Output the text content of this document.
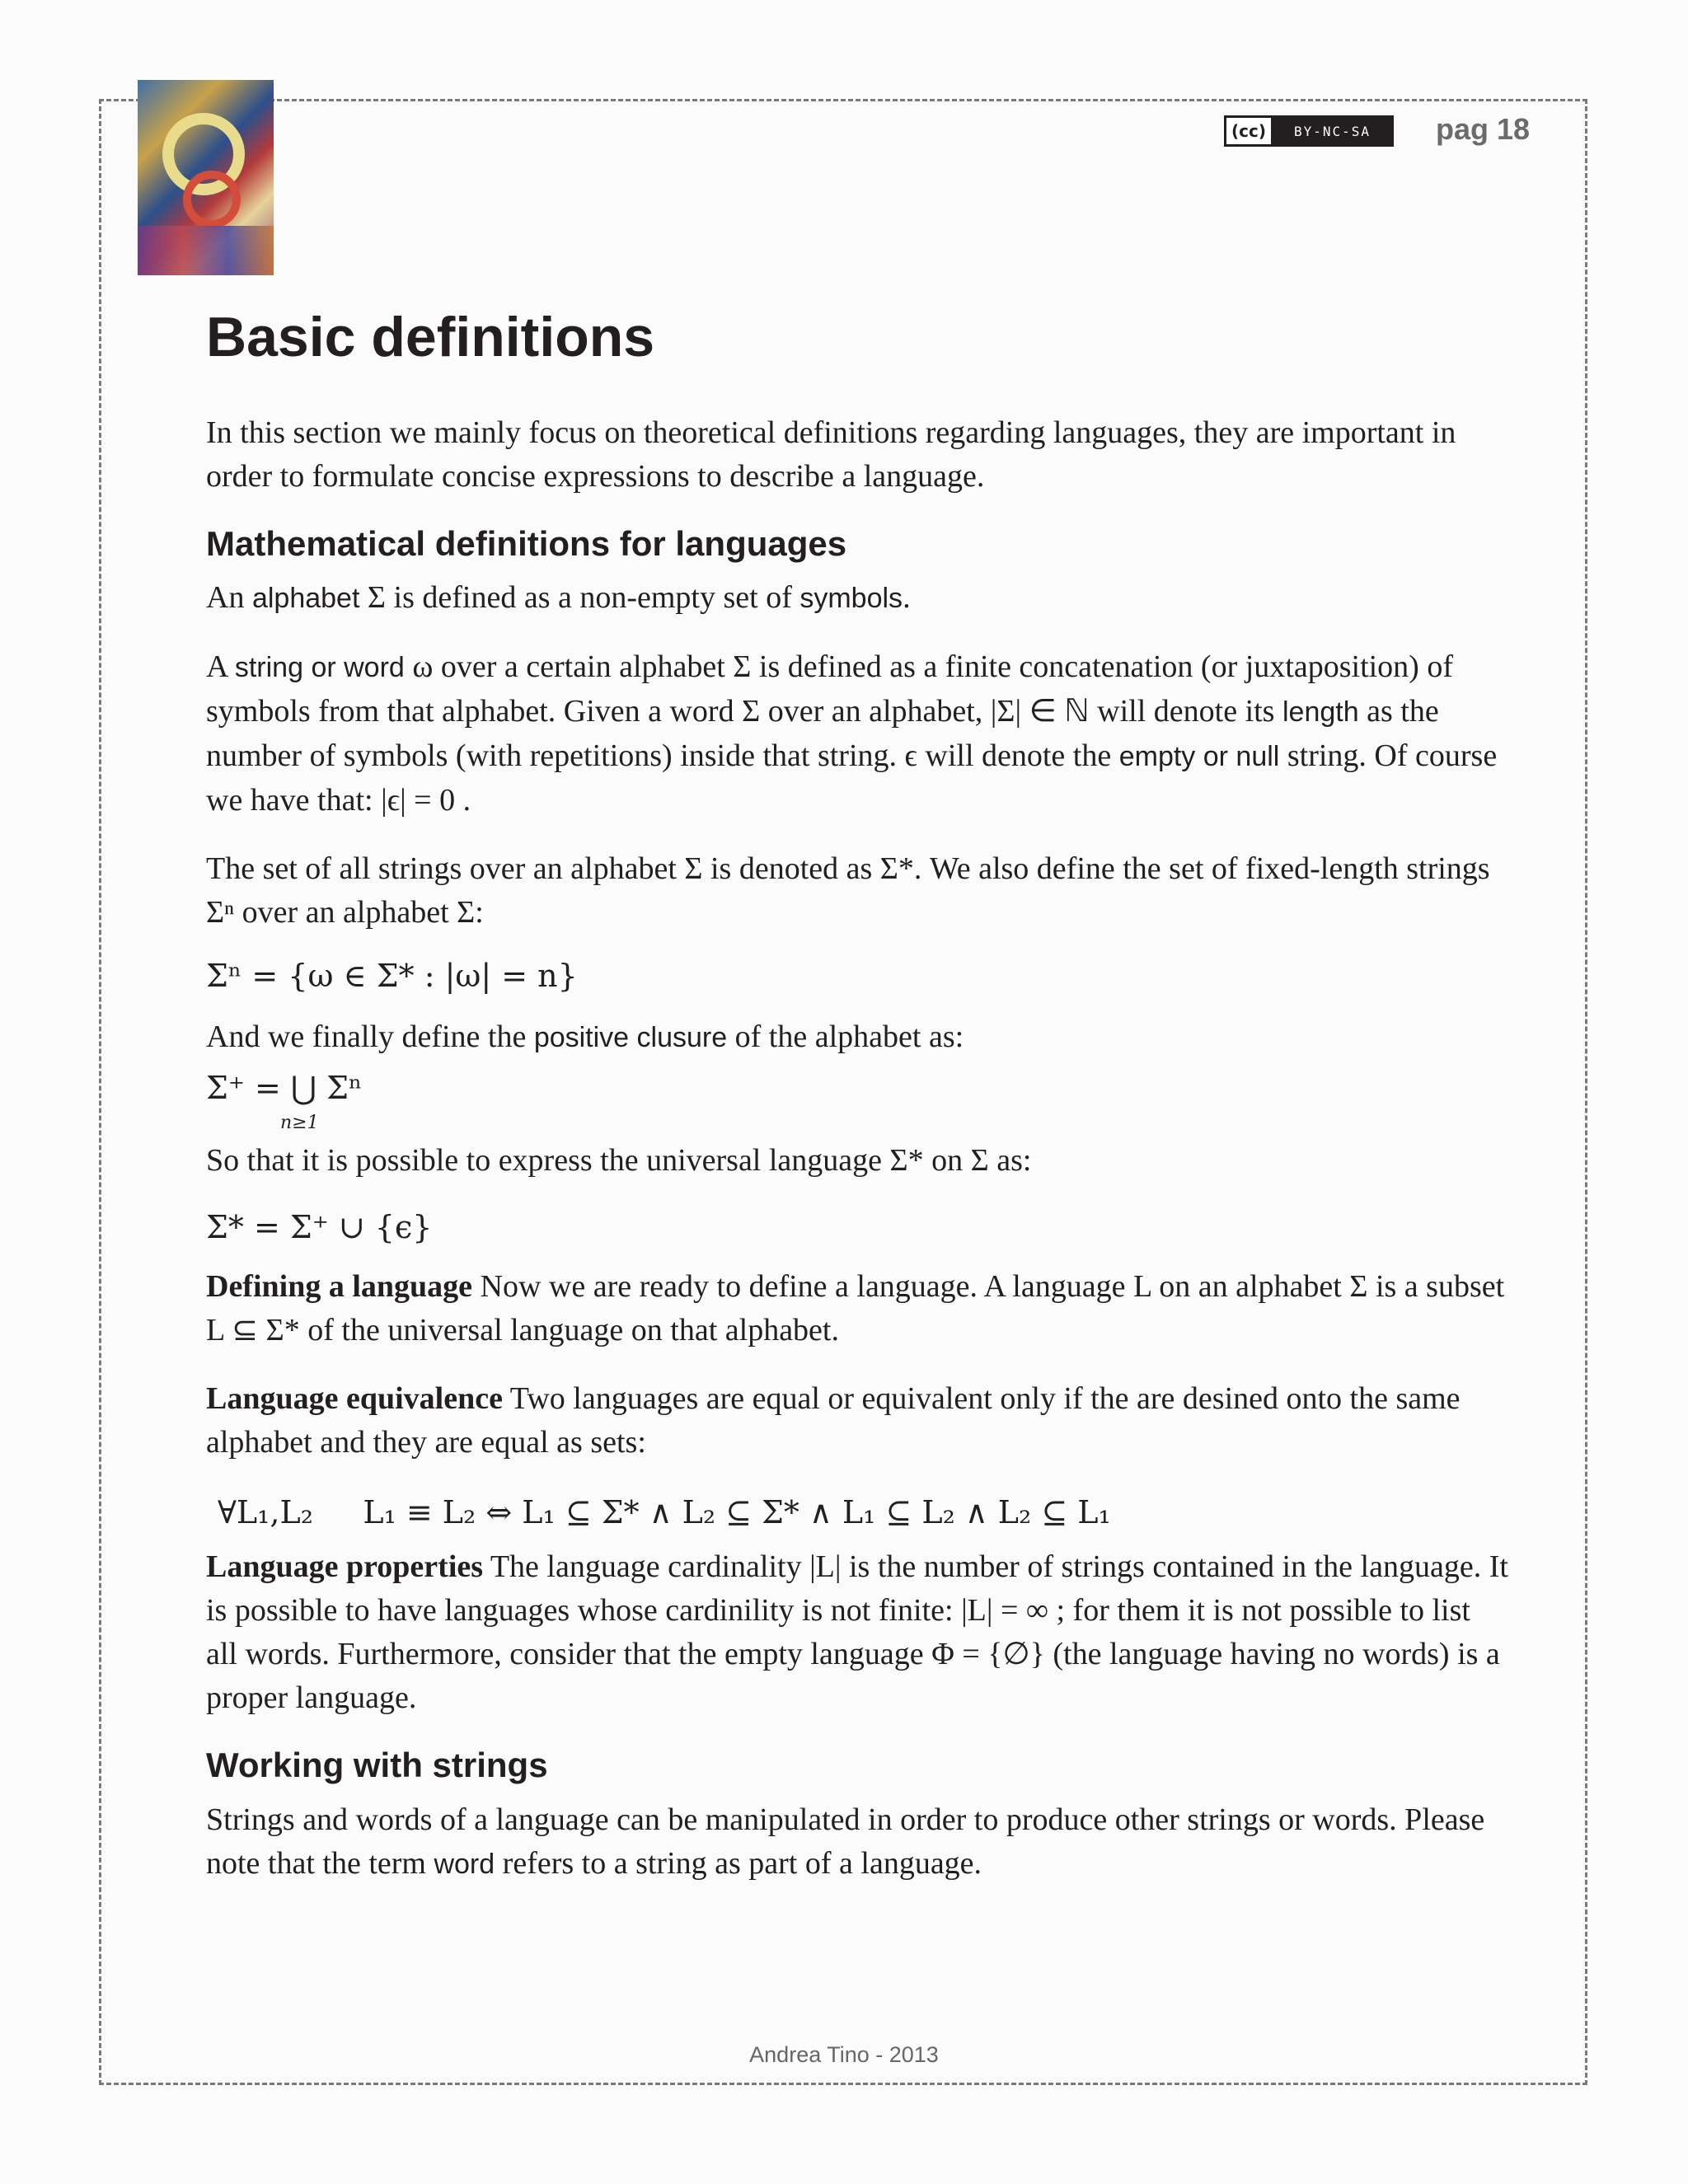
(cc)	BY-NC-SA	pag 18
Basic definitions

In this section we mainly focus on theoretical definitions regarding languages, they are important in order to formulate concise expressions to describe a language.

Mathematical definitions for languages

An alphabet Σ is defined as a non-empty set of symbols.

A string or word ω over a certain alphabet Σ is defined as a finite concatenation (or juxtaposition) of symbols from that alphabet. Given a word Σ over an alphabet, |Σ| ∈ ℕ will denote its length as the number of symbols (with repetitions) inside that string. ϵ will denote the empty or null string. Of course we have that: |ϵ| = 0 .

The set of all strings over an alphabet Σ is denoted as Σ*. We also define the set of fixed-length strings Σⁿ over an alphabet Σ:

Σⁿ = {ω ∈ Σ* : |ω| = n}

And we finally define the positive clusure of the alphabet as:

Σ⁺ = ⋃ Σⁿ
n≥1

So that it is possible to express the universal language Σ* on Σ as:

Σ* = Σ⁺ ∪ {ϵ}

Defining a language Now we are ready to define a language. A language L on an alphabet Σ is a subset L ⊆ Σ* of the universal language on that alphabet.

Language equivalence Two languages are equal or equivalent only if the are desined onto the same alphabet and they are equal as sets:

∀L₁,L₂     L₁ ≡ L₂ ⇔ L₁ ⊆ Σ* ∧ L₂ ⊆ Σ* ∧ L₁ ⊆ L₂ ∧ L₂ ⊆ L₁

Language properties The language cardinality |L| is the number of strings contained in the language. It is possible to have languages whose cardinility is not finite: |L| = ∞ ; for them it is not possible to list all words. Furthermore, consider that the empty language Φ = {∅} (the language having no words) is a proper language.

Working with strings

Strings and words of a language can be manipulated in order to produce other strings or words. Please note that the term word refers to a string as part of a language.

Andrea Tino - 2013
